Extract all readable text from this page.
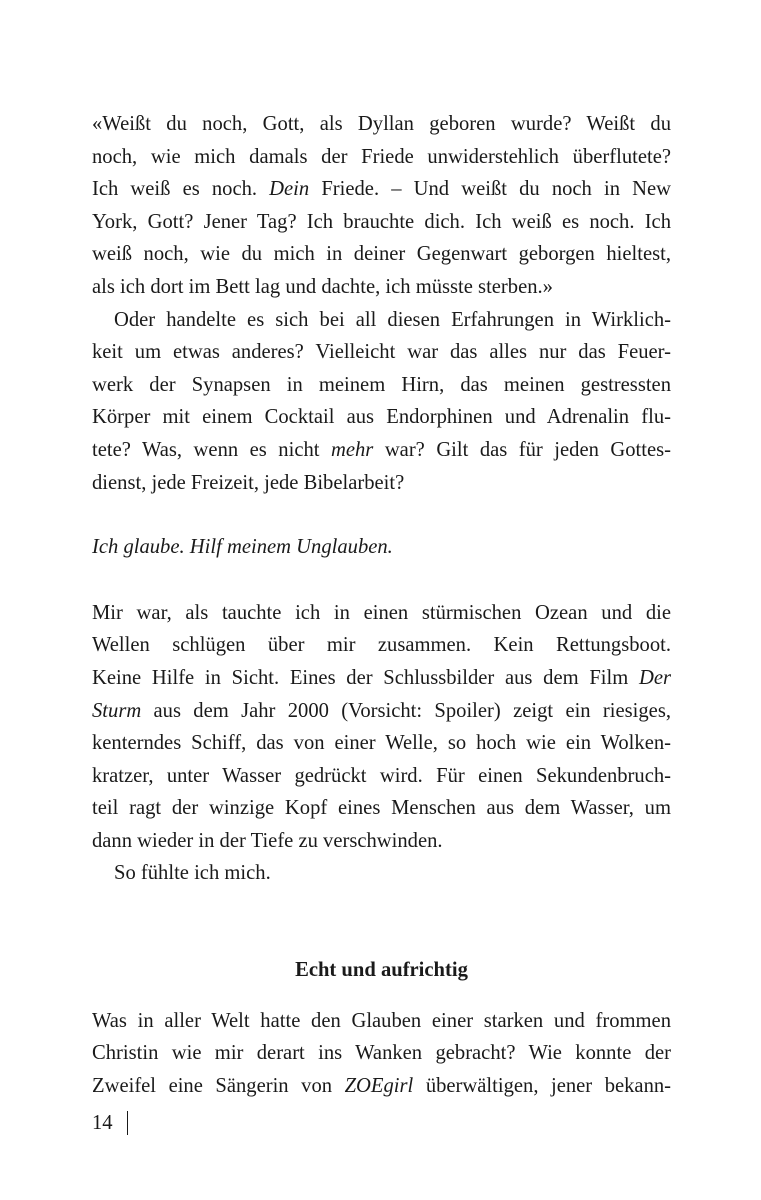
«Weißt du noch, Gott, als Dyllan geboren wurde? Weißt du
noch, wie mich damals der Friede unwiderstehlich überflutete?
Ich weiß es noch. Dein Friede. – Und weißt du noch in New
York, Gott? Jener Tag? Ich brauchte dich. Ich weiß es noch. Ich
weiß noch, wie du mich in deiner Gegenwart geborgen hieltest,
als ich dort im Bett lag und dachte, ich müsste sterben.»
Oder handelte es sich bei all diesen Erfahrungen in Wirklich-
keit um etwas anderes? Vielleicht war das alles nur das Feuer-
werk der Synapsen in meinem Hirn, das meinen gestressten
Körper mit einem Cocktail aus Endorphinen und Adrenalin flu-
tete? Was, wenn es nicht mehr war? Gilt das für jeden Gottes-
dienst, jede Freizeit, jede Bibelarbeit?
Ich glaube. Hilf meinem Unglauben.
Mir war, als tauchte ich in einen stürmischen Ozean und die
Wellen schlügen über mir zusammen. Kein Rettungsboot.
Keine Hilfe in Sicht. Eines der Schlussbilder aus dem Film Der
Sturm aus dem Jahr 2000 (Vorsicht: Spoiler) zeigt ein riesiges,
kenterndes Schiff, das von einer Welle, so hoch wie ein Wolken-
kratzer, unter Wasser gedrückt wird. Für einen Sekundenbruch-
teil ragt der winzige Kopf eines Menschen aus dem Wasser, um
dann wieder in der Tiefe zu verschwinden.
So fühlte ich mich.
Echt und aufrichtig
Was in aller Welt hatte den Glauben einer starken und frommen
Christin wie mir derart ins Wanken gebracht? Wie konnte der
Zweifel eine Sängerin von ZOEgirl überwältigen, jener bekann-
14
